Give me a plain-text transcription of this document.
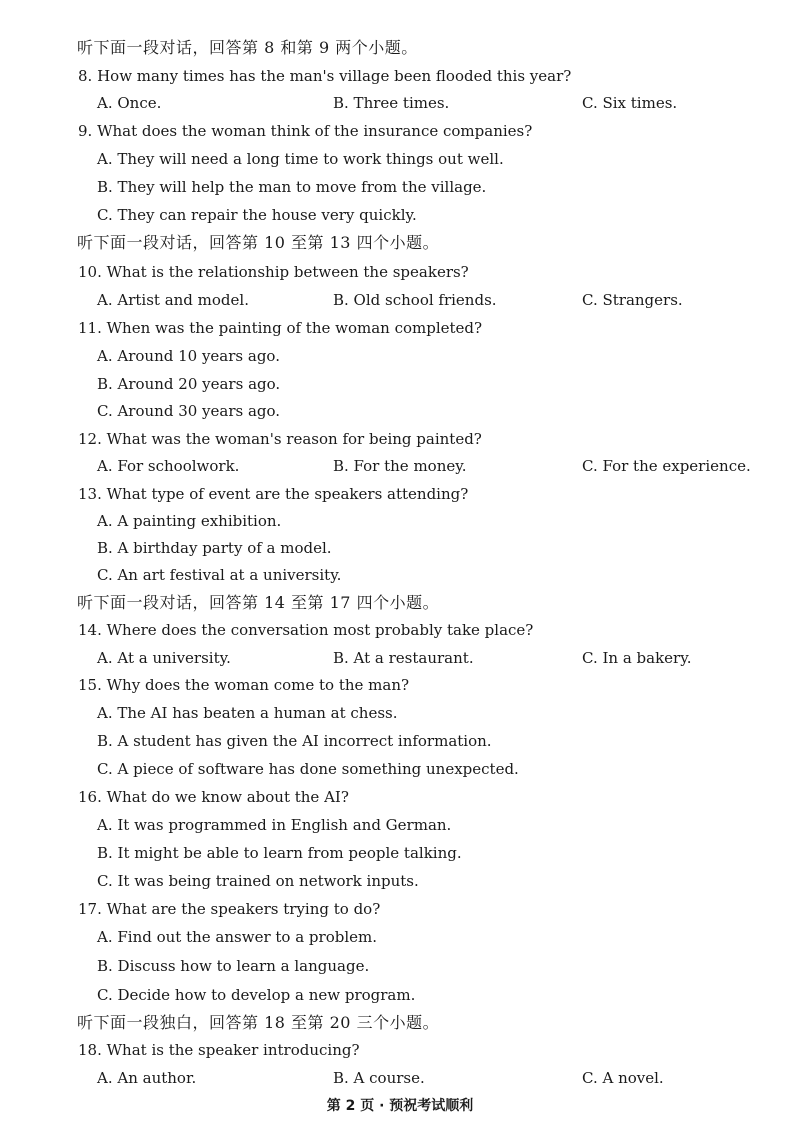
听下面一段对话，回答第 8 和第 9 两个小题。
8. How many times has the man's village been flooded this year?
A. Once.	B. Three times.	C. Six times.
9. What does the woman think of the insurance companies?
A. They will need a long time to work things out well.
B. They will help the man to move from the village.
C. They can repair the house very quickly.
听下面一段对话，回答第 10 至第 13 四个小题。
10. What is the relationship between the speakers?
A. Artist and model.	B. Old school friends.	C. Strangers.
11. When was the painting of the woman completed?
A. Around 10 years ago.
B. Around 20 years ago.
C. Around 30 years ago.
12. What was the woman's reason for being painted?
A. For schoolwork.	B. For the money.	C. For the experience.
13. What type of event are the speakers attending?
A. A painting exhibition.
B. A birthday party of a model.
C. An art festival at a university.
听下面一段对话，回答第 14 至第 17 四个小题。
14. Where does the conversation most probably take place?
A. At a university.	B. At a restaurant.	C. In a bakery.
15. Why does the woman come to the man?
A. The AI has beaten a human at chess.
B. A student has given the AI incorrect information.
C. A piece of software has done something unexpected.
16. What do we know about the AI?
A. It was programmed in English and German.
B. It might be able to learn from people talking.
C. It was being trained on network inputs.
17. What are the speakers trying to do?
A. Find out the answer to a problem.
B. Discuss how to learn a language.
C. Decide how to develop a new program.
听下面一段独白，回答第 18 至第 20 三个小题。
18. What is the speaker introducing?
A. An author.	B. A course.	C. A novel.
第 2 页 · 预祝考试顺利
